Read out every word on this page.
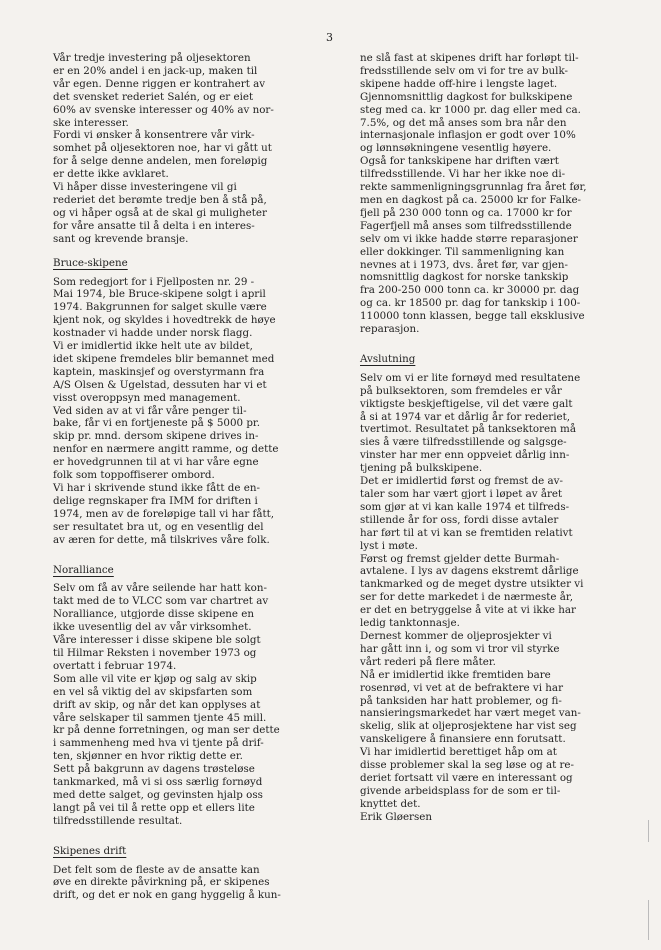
3

Vår tredje investering på oljesektoren
er en 20% andel i en jack-up, maken til
vår egen. Denne riggen er kontrahert av
det svensket rederiet Salén, og er eiet
60% av svenske interesser og 40% av nor-
ske interesser.

Fordi vi ønsker å konsentrere vår virk-
somhet på oljesektoren noe, har vi gått ut
for å selge denne andelen, men foreløpig
er dette ikke avklaret.

Vi håper disse investeringene vil gi
rederiet det berømte tredje ben å stå på,
og vi håper også at de skal gi muligheter
for våre ansatte til å delta i en interes-
sant og krevende bransje.

Bruce-skipene

Som redegjort for i Fjellposten nr. 29 -
Mai 1974, ble Bruce-skipene solgt i april
1974. Bakgrunnen for salget skulle være
kjent nok, og skyldes i hovedtrekk de høye
kostnader vi hadde under norsk flagg.

Vi er imidlertid ikke helt ute av bildet,
idet skipene fremdeles blir bemannet med
kaptein, maskinsjef og overstyrmann fra
A/S Olsen & Ugelstad, dessuten har vi et
visst overoppsyn med management.

Ved siden av at vi får våre penger til-
bake, får vi en fortjeneste på $ 5000 pr.
skip pr. mnd. dersom skipene drives in-
nenfor en nærmere angitt ramme, og dette
er hovedgrunnen til at vi har våre egne
folk som toppoffiserer ombord.

Vi har i skrivende stund ikke fått de en-
delige regnskaper fra IMM for driften i
1974, men av de foreløpige tall vi har fått,
ser resultatet bra ut, og en vesentlig del
av æren for dette, må tilskrives våre folk.

Noralliance

Selv om få av våre seilende har hatt kon-
takt med de to VLCC som var chartret av
Noralliance, utgjorde disse skipene en
ikke uvesentlig del av vår virksomhet.
Våre interesser i disse skipene ble solgt
til Hilmar Reksten i november 1973 og
overtatt i februar 1974.

Som alle vil vite er kjøp og salg av skip
en vel så viktig del av skipsfarten som
drift av skip, og når det kan opplyses at
våre selskaper til sammen tjente 45 mill.
kr på denne forretningen, og man ser dette
i sammenheng med hva vi tjente på drif-
ten, skjønner en hvor riktig dette er.

Sett på bakgrunn av dagens trøsteløse
tankmarked, må vi si oss særlig fornøyd
med dette salget, og gevinsten hjalp oss
langt på vei til å rette opp et ellers lite
tilfredsstillende resultat.

Skipenes drift

Det felt som de fleste av de ansatte kan
øve en direkte påvirkning på, er skipenes
drift, og det er nok en gang hyggelig å kun-

ne slå fast at skipenes drift har forløpt til-
fredsstillende selv om vi for tre av bulk-
skipene hadde off-hire i lengste laget.

Gjennomsnittlig dagkost for bulkskipene
steg med ca. kr 1000 pr. dag eller med ca.
7.5%, og det må anses som bra når den
internasjonale inflasjon er godt over 10%
og lønnsøkningene vesentlig høyere.

Også for tankskipene har driften vært
tilfredsstillende. Vi har her ikke noe di-
rekte sammenligningsgrunnlag fra året før,
men en dagkost på ca. 25000 kr for Falke-
fjell på 230 000 tonn og ca. 17000 kr for
Fagerfjell må anses som tilfredsstillende
selv om vi ikke hadde større reparasjoner
eller dokkinger. Til sammenligning kan
nevnes at i 1973, dvs. året før, var gjen-
nomsnittlig dagkost for norske tankskip
fra 200-250 000 tonn ca. kr 30000 pr. dag
og ca. kr 18500 pr. dag for tankskip i 100-
110000 tonn klassen, begge tall eksklusive
reparasjon.

Avslutning

Selv om vi er lite fornøyd med resultatene
på bulksektoren, som fremdeles er vår
viktigste beskjeftigelse, vil det være galt
å si at 1974 var et dårlig år for rederiet,
tvertimot. Resultatet på tanksektoren må
sies å være tilfredsstillende og salgsge-
vinster har mer enn oppveiet dårlig inn-
tjening på bulkskipene.

Det er imidlertid først og fremst de av-
taler som har vært gjort i løpet av året
som gjør at vi kan kalle 1974 et tilfreds-
stillende år for oss, fordi disse avtaler
har ført til at vi kan se fremtiden relativt
lyst i møte.

Først og fremst gjelder dette Burmah-
avtalene. I lys av dagens ekstremt dårlige
tankmarked og de meget dystre utsikter vi
ser for dette markedet i de nærmeste år,
er det en betryggelse å vite at vi ikke har
ledig tanktonnasje.

Dernest kommer de oljeprosjekter vi
har gått inn i, og som vi tror vil styrke
vårt rederi på flere måter.

Nå er imidlertid ikke fremtiden bare
rosenrød, vi vet at de befraktere vi har
på tanksiden har hatt problemer, og fi-
nansieringsmarkedet har vært meget van-
skelig, slik at oljeprosjektene har vist seg
vanskeligere å finansiere enn forutsatt.

Vi har imidlertid berettiget håp om at
disse problemer skal la seg løse og at re-
deriet fortsatt vil være en interessant og
givende arbeidsplass for de som er til-
knyttet det.

Erik Gløersen
